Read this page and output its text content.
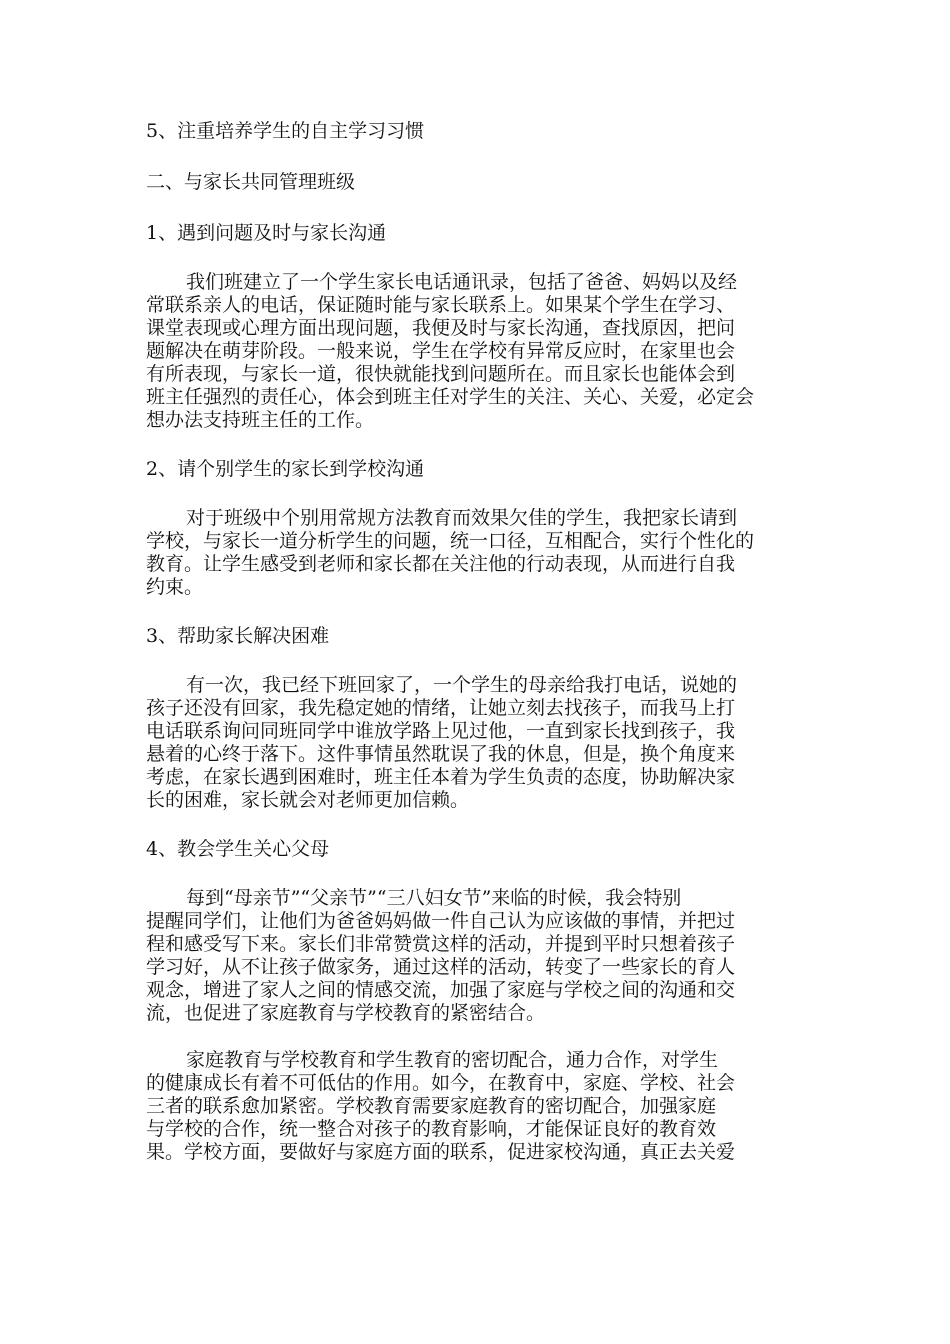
5、注重培养学生的自主学习习惯
二、与家长共同管理班级
1、遇到问题及时与家长沟通
我们班建立了一个学生家长电话通讯录，包括了爸爸、妈妈以及经
常联系亲人的电话，保证随时能与家长联系上。如果某个学生在学习、
课堂表现或心理方面出现问题，我便及时与家长沟通，查找原因，把问
题解决在萌芽阶段。一般来说，学生在学校有异常反应时，在家里也会
有所表现，与家长一道，很快就能找到问题所在。而且家长也能体会到
班主任强烈的责任心，体会到班主任对学生的关注、关心、关爱，必定会
想办法支持班主任的工作。
2、请个别学生的家长到学校沟通
对于班级中个别用常规方法教育而效果欠佳的学生，我把家长请到
学校，与家长一道分析学生的问题，统一口径，互相配合，实行个性化的
教育。让学生感受到老师和家长都在关注他的行动表现，从而进行自我
约束。
3、帮助家长解决困难
有一次，我已经下班回家了，一个学生的母亲给我打电话，说她的
孩子还没有回家，我先稳定她的情绪，让她立刻去找孩子，而我马上打
电话联系询问同班同学中谁放学路上见过他，一直到家长找到孩子，我
悬着的心终于落下。这件事情虽然耽误了我的休息，但是，换个角度来
考虑，在家长遇到困难时，班主任本着为学生负责的态度，协助解决家
长的困难，家长就会对老师更加信赖。
4、教会学生关心父母
每到“母亲节”“父亲节”“三八妇女节”来临的时候，我会特别
提醒同学们，让他们为爸爸妈妈做一件自己认为应该做的事情，并把过
程和感受写下来。家长们非常赞赏这样的活动，并提到平时只想着孩子
学习好，从不让孩子做家务，通过这样的活动，转变了一些家长的育人
观念，增进了家人之间的情感交流，加强了家庭与学校之间的沟通和交
流，也促进了家庭教育与学校教育的紧密结合。
家庭教育与学校教育和学生教育的密切配合，通力合作，对学生
的健康成长有着不可低估的作用。如今，在教育中，家庭、学校、社会
三者的联系愈加紧密。学校教育需要家庭教育的密切配合，加强家庭
与学校的合作，统一整合对孩子的教育影响，才能保证良好的教育效
果。学校方面，要做好与家庭方面的联系，促进家校沟通，真正去关爱
